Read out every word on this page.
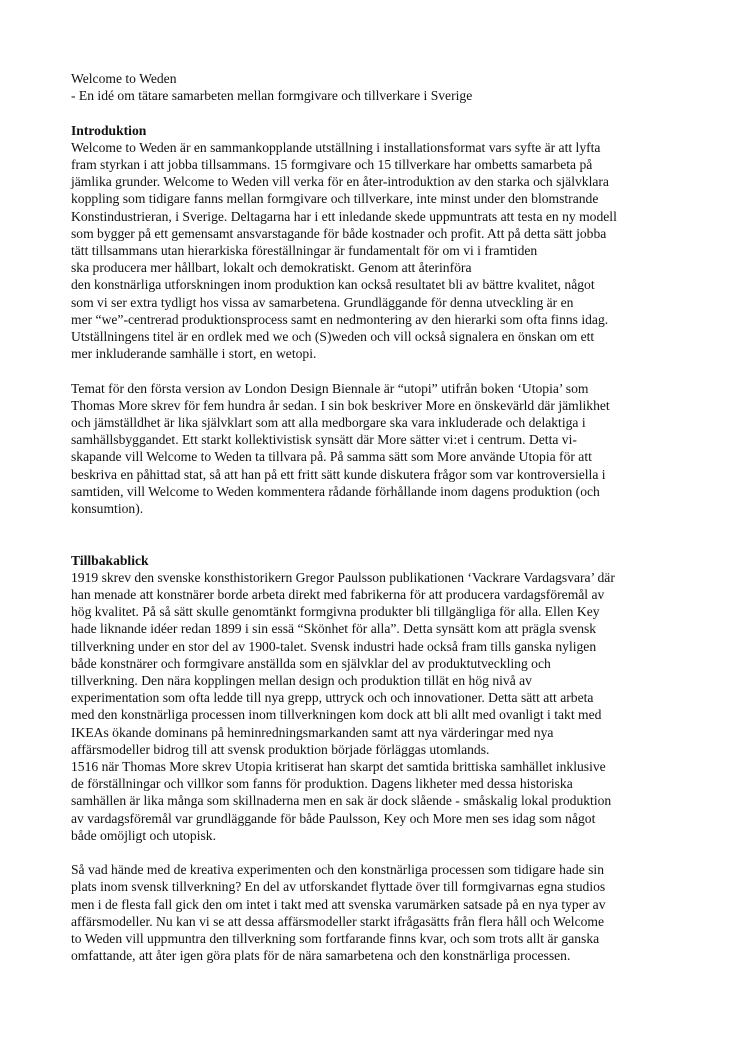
Welcome to Weden
- En idé om tätare samarbeten mellan formgivare och tillverkare i Sverige
Introduktion
Welcome to Weden är en sammankopplande utställning i installationsformat vars syfte är att lyfta
fram styrkan i att jobba tillsammans. 15 formgivare och 15 tillverkare har ombetts samarbeta på
jämlika grunder. Welcome to Weden vill verka för en åter-introduktion av den starka och självklara
koppling som tidigare fanns mellan formgivare och tillverkare, inte minst under den blomstrande
Konstindustrieran, i Sverige. Deltagarna har i ett inledande skede uppmuntrats att testa en ny modell
som bygger på ett gemensamt ansvarstagande för både kostnader och profit. Att på detta sätt jobba
tätt tillsammans utan hierarkiska föreställningar är fundamentalt för om vi i framtiden
ska producera mer hållbart, lokalt och demokratiskt. Genom att återinföra
den konstnärliga utforskningen inom produktion kan också resultatet bli av bättre kvalitet, något
som vi ser extra tydligt hos vissa av samarbetena. Grundläggande för denna utveckling är en
mer “we”-centrerad produktionsprocess samt en nedmontering av den hierarki som ofta finns idag.
Utställningens titel är en ordlek med we och (S)weden och vill också signalera en önskan om ett
mer inkluderande samhälle i stort, en wetopi.
Temat för den första version av London Design Biennale är “utopi” utifrån boken ‘Utopia’ som
Thomas More skrev för fem hundra år sedan. I sin bok beskriver More en önskevärld där jämlikhet
och jämställdhet är lika självklart som att alla medborgare ska vara inkluderade och delaktiga i
samhällsbyggandet. Ett starkt kollektivistisk synsätt där More sätter vi:et i centrum. Detta vi-
skapande vill Welcome to Weden ta tillvara på. På samma sätt som More använde Utopia för att
beskriva en påhittad stat, så att han på ett fritt sätt kunde diskutera frågor som var kontroversiella i
samtiden, vill Welcome to Weden kommentera rådande förhållande inom dagens produktion (och
konsumtion).
Tillbakablick
1919 skrev den svenske konsthistorikern Gregor Paulsson publikationen ‘Vackrare Vardagsvara’ där
han menade att konstnärer borde arbeta direkt med fabrikerna för att producera vardagsföremål av
hög kvalitet. På så sätt skulle genomtänkt formgivna produkter bli tillgängliga för alla. Ellen Key
hade liknande idéer redan 1899 i sin essä “Skönhet för alla”. Detta synsätt kom att prägla svensk
tillverkning under en stor del av 1900-talet. Svensk industri hade också fram tills ganska nyligen
både konstnärer och formgivare anställda som en självklar del av produktutveckling och
tillverkning. Den nära kopplingen mellan design och produktion tillät en hög nivå av
experimentation som ofta ledde till nya grepp, uttryck och och innovationer. Detta sätt att arbeta
med den konstnärliga processen inom tillverkningen kom dock att bli allt med ovanligt i takt med
IKEAs ökande dominans på heminredningsmarkanden samt att nya värderingar med nya
affärsmodeller bidrog till att svensk produktion började förläggas utomlands.
1516 när Thomas More skrev Utopia kritiserat han skarpt det samtida brittiska samhället inklusive
de förställningar och villkor som fanns för produktion. Dagens likheter med dessa historiska
samhällen är lika många som skillnaderna men en sak är dock slående - småskalig lokal produktion
av vardagsföremål var grundläggande för både Paulsson, Key och More men ses idag som något
både omöjligt och utopisk.
Så vad hände med de kreativa experimenten och den konstnärliga processen som tidigare hade sin
plats inom svensk tillverkning? En del av utforskandet flyttade över till formgivarnas egna studios
men i de flesta fall gick den om intet i takt med att svenska varumärken satsade på en nya typer av
affärsmodeller. Nu kan vi se att dessa affärsmodeller starkt ifrågasätts från flera håll och Welcome
to Weden vill uppmuntra den tillverkning som fortfarande finns kvar, och som trots allt är ganska
omfattande, att åter igen göra plats för de nära samarbetena och den konstnärliga processen.
